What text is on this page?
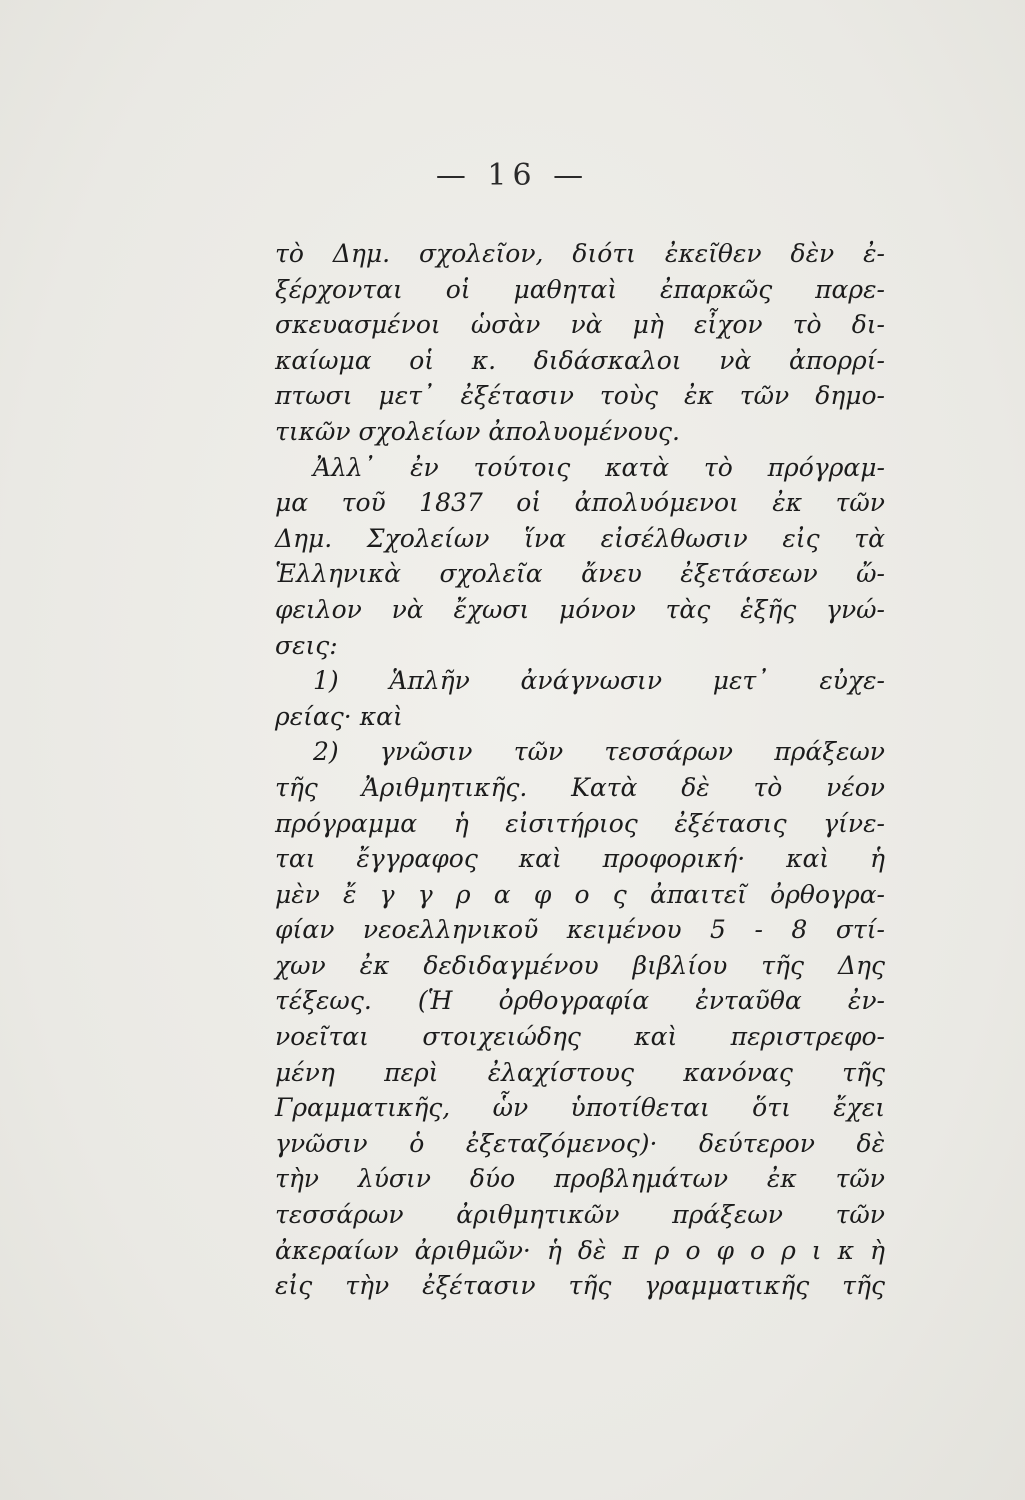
— 16 —
τὸ Δημ. σχολεῖον, διότι ἐκεῖθεν δὲν ἐ-
ξέρχονται οἱ μαθηταὶ ἐπαρκῶς παρε-
σκευασμένοι ὡσὰν νὰ μὴ εἶχον τὸ δι-
καίωμα οἱ κ. διδάσκαλοι νὰ ἀπορρί-
πτωσι μετ᾽ ἐξέτασιν τοὺς ἐκ τῶν δημο-
τικῶν σχολείων ἀπολυομένους.
Ἀλλ᾽ ἐν τούτοις κατὰ τὸ πρόγραμ-
μα τοῦ 1837 οἱ ἀπολυόμενοι ἐκ τῶν
Δημ. Σχολείων ἵνα εἰσέλθωσιν εἰς τὰ
Ἑλληνικὰ σχολεῖα ἄνευ ἐξετάσεων ὤ-
φειλον νὰ ἔχωσι μόνον τὰς ἑξῆς γνώ-
σεις:
1) Ἁπλῆν ἀνάγνωσιν μετ᾽ εὐχε-
ρείας· καὶ
2) γνῶσιν τῶν τεσσάρων πράξεων
τῆς Ἀριθμητικῆς. Κατὰ δὲ τὸ νέον
πρόγραμμα ἡ εἰσιτήριος ἐξέτασις γίνε-
ται ἔγγραφος καὶ προφορική· καὶ ἡ
μὲν ἔ γ γ ρ α φ ο ς ἀπαιτεῖ ὀρθογρα-
φίαν νεοελληνικοῦ κειμένου 5 - 8 στί-
χων ἐκ δεδιδαγμένου βιβλίου τῆς Δης
τέξεως. (Ἡ ὀρθογραφία ἐνταῦθα ἐν-
νοεῖται στοιχειώδης καὶ περιστρεφο-
μένη περὶ ἐλαχίστους κανόνας τῆς
Γραμματικῆς, ὧν ὑποτίθεται ὅτι ἔχει
γνῶσιν ὁ ἐξεταζόμενος)· δεύτερον δὲ
τὴν λύσιν δύο προβλημάτων ἐκ τῶν
τεσσάρων ἀριθμητικῶν πράξεων τῶν
ἀκεραίων ἀριθμῶν· ἡ δὲ π ρ ο φ ο ρ ι κ ὴ
εἰς τὴν ἐξέτασιν τῆς γραμματικῆς τῆς
